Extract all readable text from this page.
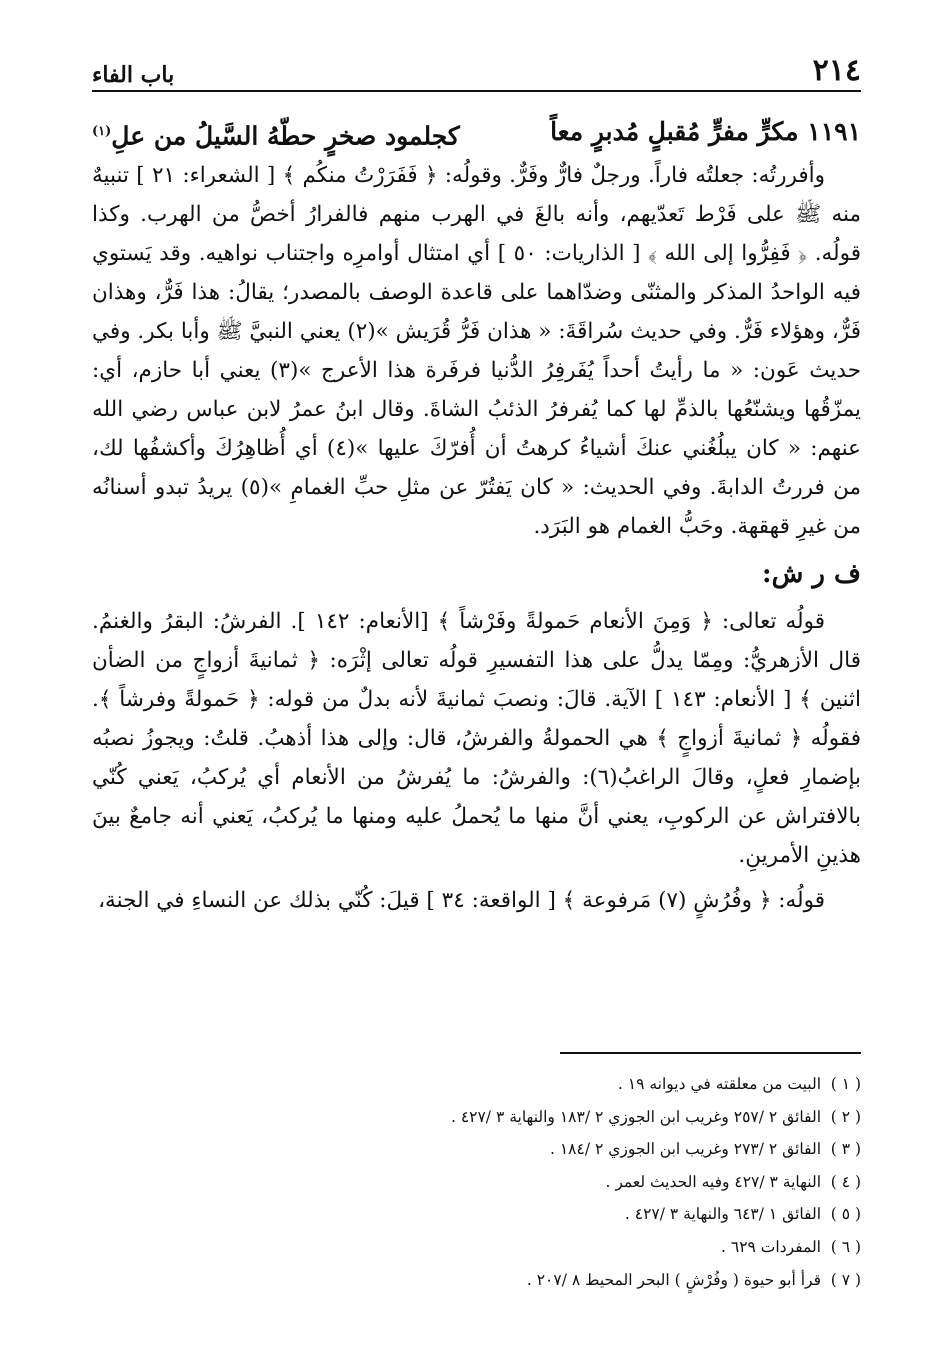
٢١٤
باب الفاء
١١٩١ مكرٍّ مفرٍّ مُقبلٍ مُدبرٍ معاً
كجلمود صخرٍ حطّهُ السَّيلُ من علِ$^{(١)}$

وأفررتُه: جعلتُه فاراً. ورجلٌ فارٌّ وفَرٌّ. وقولُه: ﴿ فَفَرَرْتُ منكُم ﴾ [ الشعراء: ٢١ ] تنبيهٌ منه ﷺ على فَرْط تَعدّيهم، وأنه بالغَ في الهرب منهم فالفرارُ أخصُّ من الهرب. وكذا قولُه. ﴿ فَفِرُّوا إلى الله ﴾ [ الذاريات: ٥٠ ] أي امتثال أوامرِه واجتناب نواهيه. وقد يَستوي فيه الواحدُ المذكر والمثنّى وضدّاهما على قاعدة الوصف بالمصدر؛ يقالُ: هذا فَرٌّ، وهذان فَرٌّ، وهؤلاء فَرٌّ. وفي حديث سُراقَةَ: « هذان فَرُّ قُرَيش »(٢) يعني النبيَّ ﷺ وأبا بكر. وفي حديث عَون: « ما رأيتُ أحداً يُفَرفِرُ الدُّنيا فرفَرة هذا الأعرج »(٣) يعني أبا حازم، أي: يمزّقُها ويشنّعُها بالذمِّ لها كما يُفرفرُ الذئبُ الشاةَ. وقال ابنُ عمرُ لابن عباس رضي الله عنهم: « كان يبلُغُني عنكَ أشياءُ كرهتُ أن أُفرّكَ عليها »(٤) أي أُظاهِرُكَ وأكشفُها لك، من فررتُ الدابةَ. وفي الحديث: « كان يَفتُرّ عن مثلِ حبِّ الغمامِ »(٥) يريدُ تبدو أسنانُه من غيرِ قهقهة. وحَبُّ الغمام هو البَرَد.

ف ر ش:

قولُه تعالى: ﴿ وَمِنَ الأنعام حَمولةً وفَرْشاً ﴾ [الأنعام: ١٤٢ ]. الفرشُ: البقرُ والغنمُ. قال الأزهريُّ: ومِمّا يدلُّ على هذا التفسيرِ قولُه تعالى إثْرَه: ﴿ ثمانيةَ أزواجٍ من الضأن اثنين ﴾ [ الأنعام: ١٤٣ ] الآية. قالَ: ونصبَ ثمانيةَ لأنه بدلٌ من قوله: ﴿ حَمولةً وفرشاً ﴾. فقولُه ﴿ ثمانيةَ أزواجٍ ﴾ هي الحمولةُ والفرشُ، قال: وإلى هذا أذهبُ. قلتُ: ويجوزُ نصبُه بإضمارِ فعلٍ، وقالَ الراغبُ(٦): والفرشُ: ما يُفرشُ من الأنعام أي يُركبُ، يَعني كُنّي بالافتراش عن الركوبِ، يعني أنَّ منها ما يُحملُ عليه ومنها ما يُركبُ، يَعني أنه جامعٌ بينَ هذينِ الأمرينِ.

قولُه: ﴿ وفُرُشٍ (٧) مَرفوعة ﴾ [ الواقعة: ٣٤ ] قيلَ: كُنّي بذلك عن النساءِ في الجنة،

( ١ )
البيت من معلقته في ديوانه ١٩ .
( ٢ )
الفائق ٢ /٢٥٧ وغريب ابن الجوزي ٢ /١٨٣ والنهاية ٣ /٤٢٧ .
( ٣ )
الفائق ٢ /٢٧٣ وغريب ابن الجوزي ٢ /١٨٤ .
( ٤ )
النهاية ٣ /٤٢٧ وفيه الحديث لعمر .
( ٥ )
الفائق ١ /٦٤٣ والنهاية ٣ /٤٢٧ .
( ٦ )
المفردات ٦٢٩ .
( ٧ )
قرأ أبو حيوة ( وفُرْشٍ ) البحر المحيط ٨ /٢٠٧ .
